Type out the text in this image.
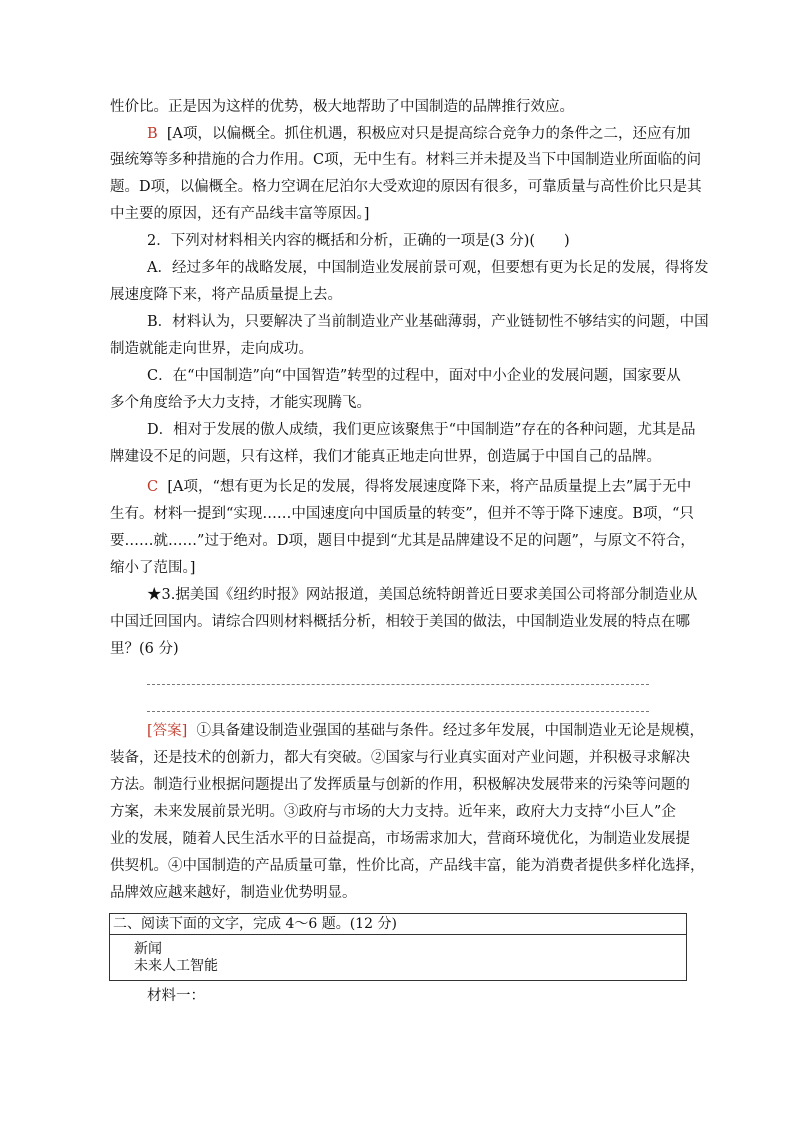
性价比。正是因为这样的优势，极大地帮助了中国制造的品牌推行效应。
B [A项，以偏概全。抓住机遇，积极应对只是提高综合竞争力的条件之二，还应有加
强统筹等多种措施的合力作用。C项，无中生有。材料三并未提及当下中国制造业所面临的问
题。D项，以偏概全。格力空调在尼泊尔大受欢迎的原因有很多，可靠质量与高性价比只是其
中主要的原因，还有产品线丰富等原因。]
2．下列对材料相关内容的概括和分析，正确的一项是(3 分)(　　)
A．经过多年的战略发展，中国制造业发展前景可观，但要想有更为长足的发展，得将发
展速度降下来，将产品质量提上去。
B．材料认为，只要解决了当前制造业产业基础薄弱，产业链韧性不够结实的问题，中国
制造就能走向世界，走向成功。
C．在“中国制造”向“中国智造”转型的过程中，面对中小企业的发展问题，国家要从
多个角度给予大力支持，才能实现腾飞。
D．相对于发展的傲人成绩，我们更应该聚焦于“中国制造”存在的各种问题，尤其是品
牌建设不足的问题，只有这样，我们才能真正地走向世界，创造属于中国自己的品牌。
C [A项，“想有更为长足的发展，得将发展速度降下来，将产品质量提上去”属于无中
生有。材料一提到“实现……中国速度向中国质量的转变”，但并不等于降下速度。B项，“只
要……就……”过于绝对。D项，题目中提到“尤其是品牌建设不足的问题”，与原文不符合，
缩小了范围。]
★3.据美国《纽约时报》网站报道，美国总统特朗普近日要求美国公司将部分制造业从
中国迁回国内。请综合四则材料概括分析，相较于美国的做法，中国制造业发展的特点在哪
里？(6 分)
[答案] ①具备建设制造业强国的基础与条件。经过多年发展，中国制造业无论是规模，
装备，还是技术的创新力，都大有突破。②国家与行业真实面对产业问题，并积极寻求解决
方法。制造行业根据问题提出了发挥质量与创新的作用，积极解决发展带来的污染等问题的
方案，未来发展前景光明。③政府与市场的大力支持。近年来，政府大力支持“小巨人”企
业的发展，随着人民生活水平的日益提高，市场需求加大，营商环境优化，为制造业发展提
供契机。④中国制造的产品质量可靠，性价比高，产品线丰富，能为消费者提供多样化选择，
品牌效应越来越好，制造业优势明显。
二、阅读下面的文字，完成 4～6 题。(12 分)
新闻
未来人工智能
材料一：
